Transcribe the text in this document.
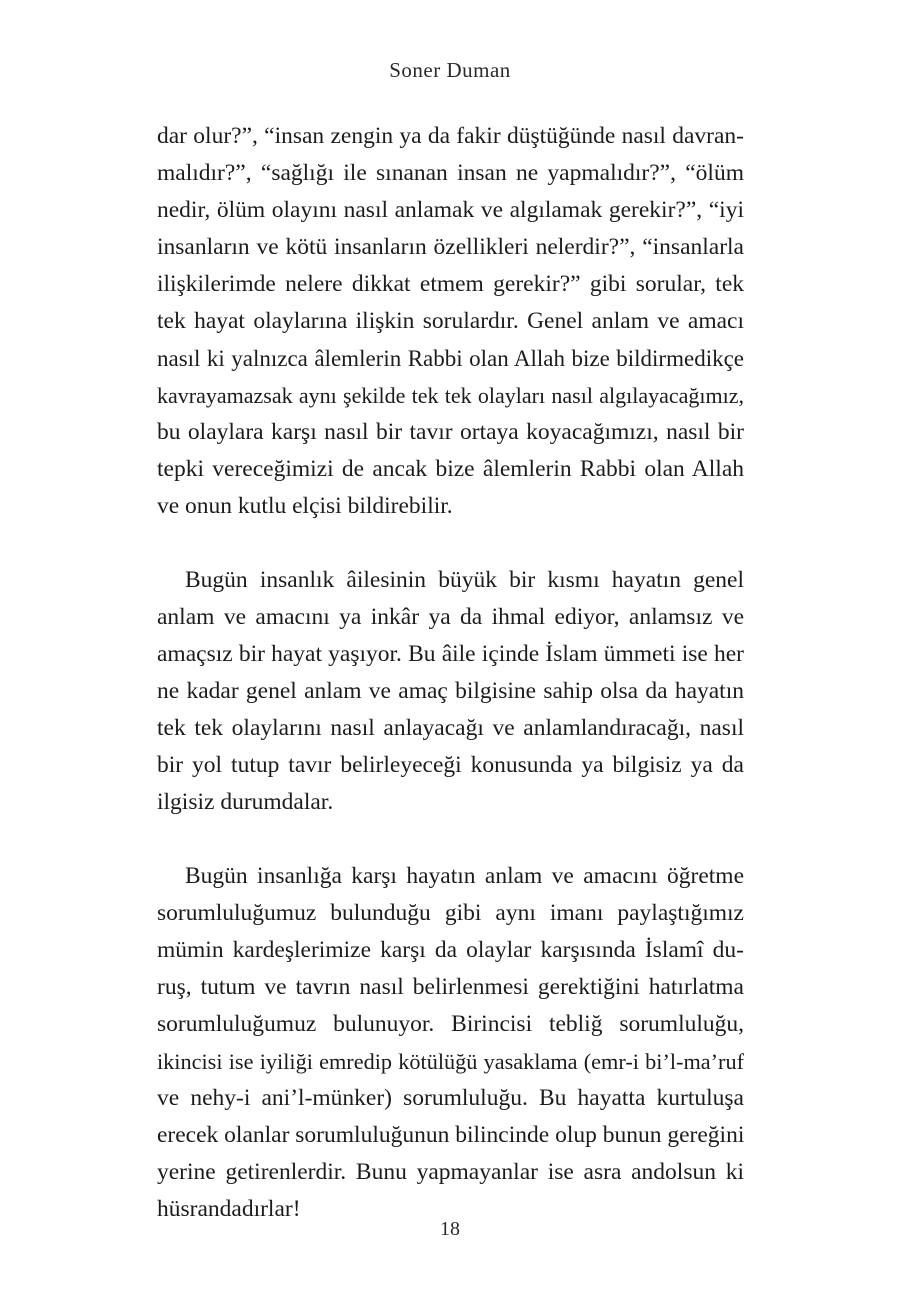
Soner Duman

dar olur?”, “insan zengin ya da fakir düştüğünde nasıl davran-
malıdır?”, “sağlığı ile sınanan insan ne yapmalıdır?”, “ölüm
nedir, ölüm olayını nasıl anlamak ve algılamak gerekir?”, “iyi
insanların ve kötü insanların özellikleri nelerdir?”, “insanlarla
ilişkilerimde nelere dikkat etmem gerekir?” gibi sorular, tek
tek hayat olaylarına ilişkin sorulardır. Genel anlam ve amacı
nasıl ki yalnızca âlemlerin Rabbi olan Allah bize bildirmedikçe
kavrayamazsak aynı şekilde tek tek olayları nasıl algılayacağımız,
bu olaylara karşı nasıl bir tavır ortaya koyacağımızı, nasıl bir
tepki vereceğimizi de ancak bize âlemlerin Rabbi olan Allah
ve onun kutlu elçisi bildirebilir.

Bugün insanlık âilesinin büyük bir kısmı hayatın genel
anlam ve amacını ya inkâr ya da ihmal ediyor, anlamsız ve
amaçsız bir hayat yaşıyor. Bu âile içinde İslam ümmeti ise her
ne kadar genel anlam ve amaç bilgisine sahip olsa da hayatın
tek tek olaylarını nasıl anlayacağı ve anlamlandıracağı, nasıl
bir yol tutup tavır belirleyeceği konusunda ya bilgisiz ya da
ilgisiz durumdalar.

Bugün insanlığa karşı hayatın anlam ve amacını öğretme
sorumluluğumuz bulunduğu gibi aynı imanı paylaştığımız
mümin kardeşlerimize karşı da olaylar karşısında İslamî du-
ruş, tutum ve tavrın nasıl belirlenmesi gerektiğini hatırlatma
sorumluluğumuz bulunuyor. Birincisi tebliğ sorumluluğu,
ikincisi ise iyiliği emredip kötülüğü yasaklama (emr-i bi’l-ma’ruf
ve nehy-i ani’l-münker) sorumluluğu. Bu hayatta kurtuluşa
erecek olanlar sorumluluğunun bilincinde olup bunun gereğini
yerine getirenlerdir. Bunu yapmayanlar ise asra andolsun ki
hüsrandadırlar!

18
